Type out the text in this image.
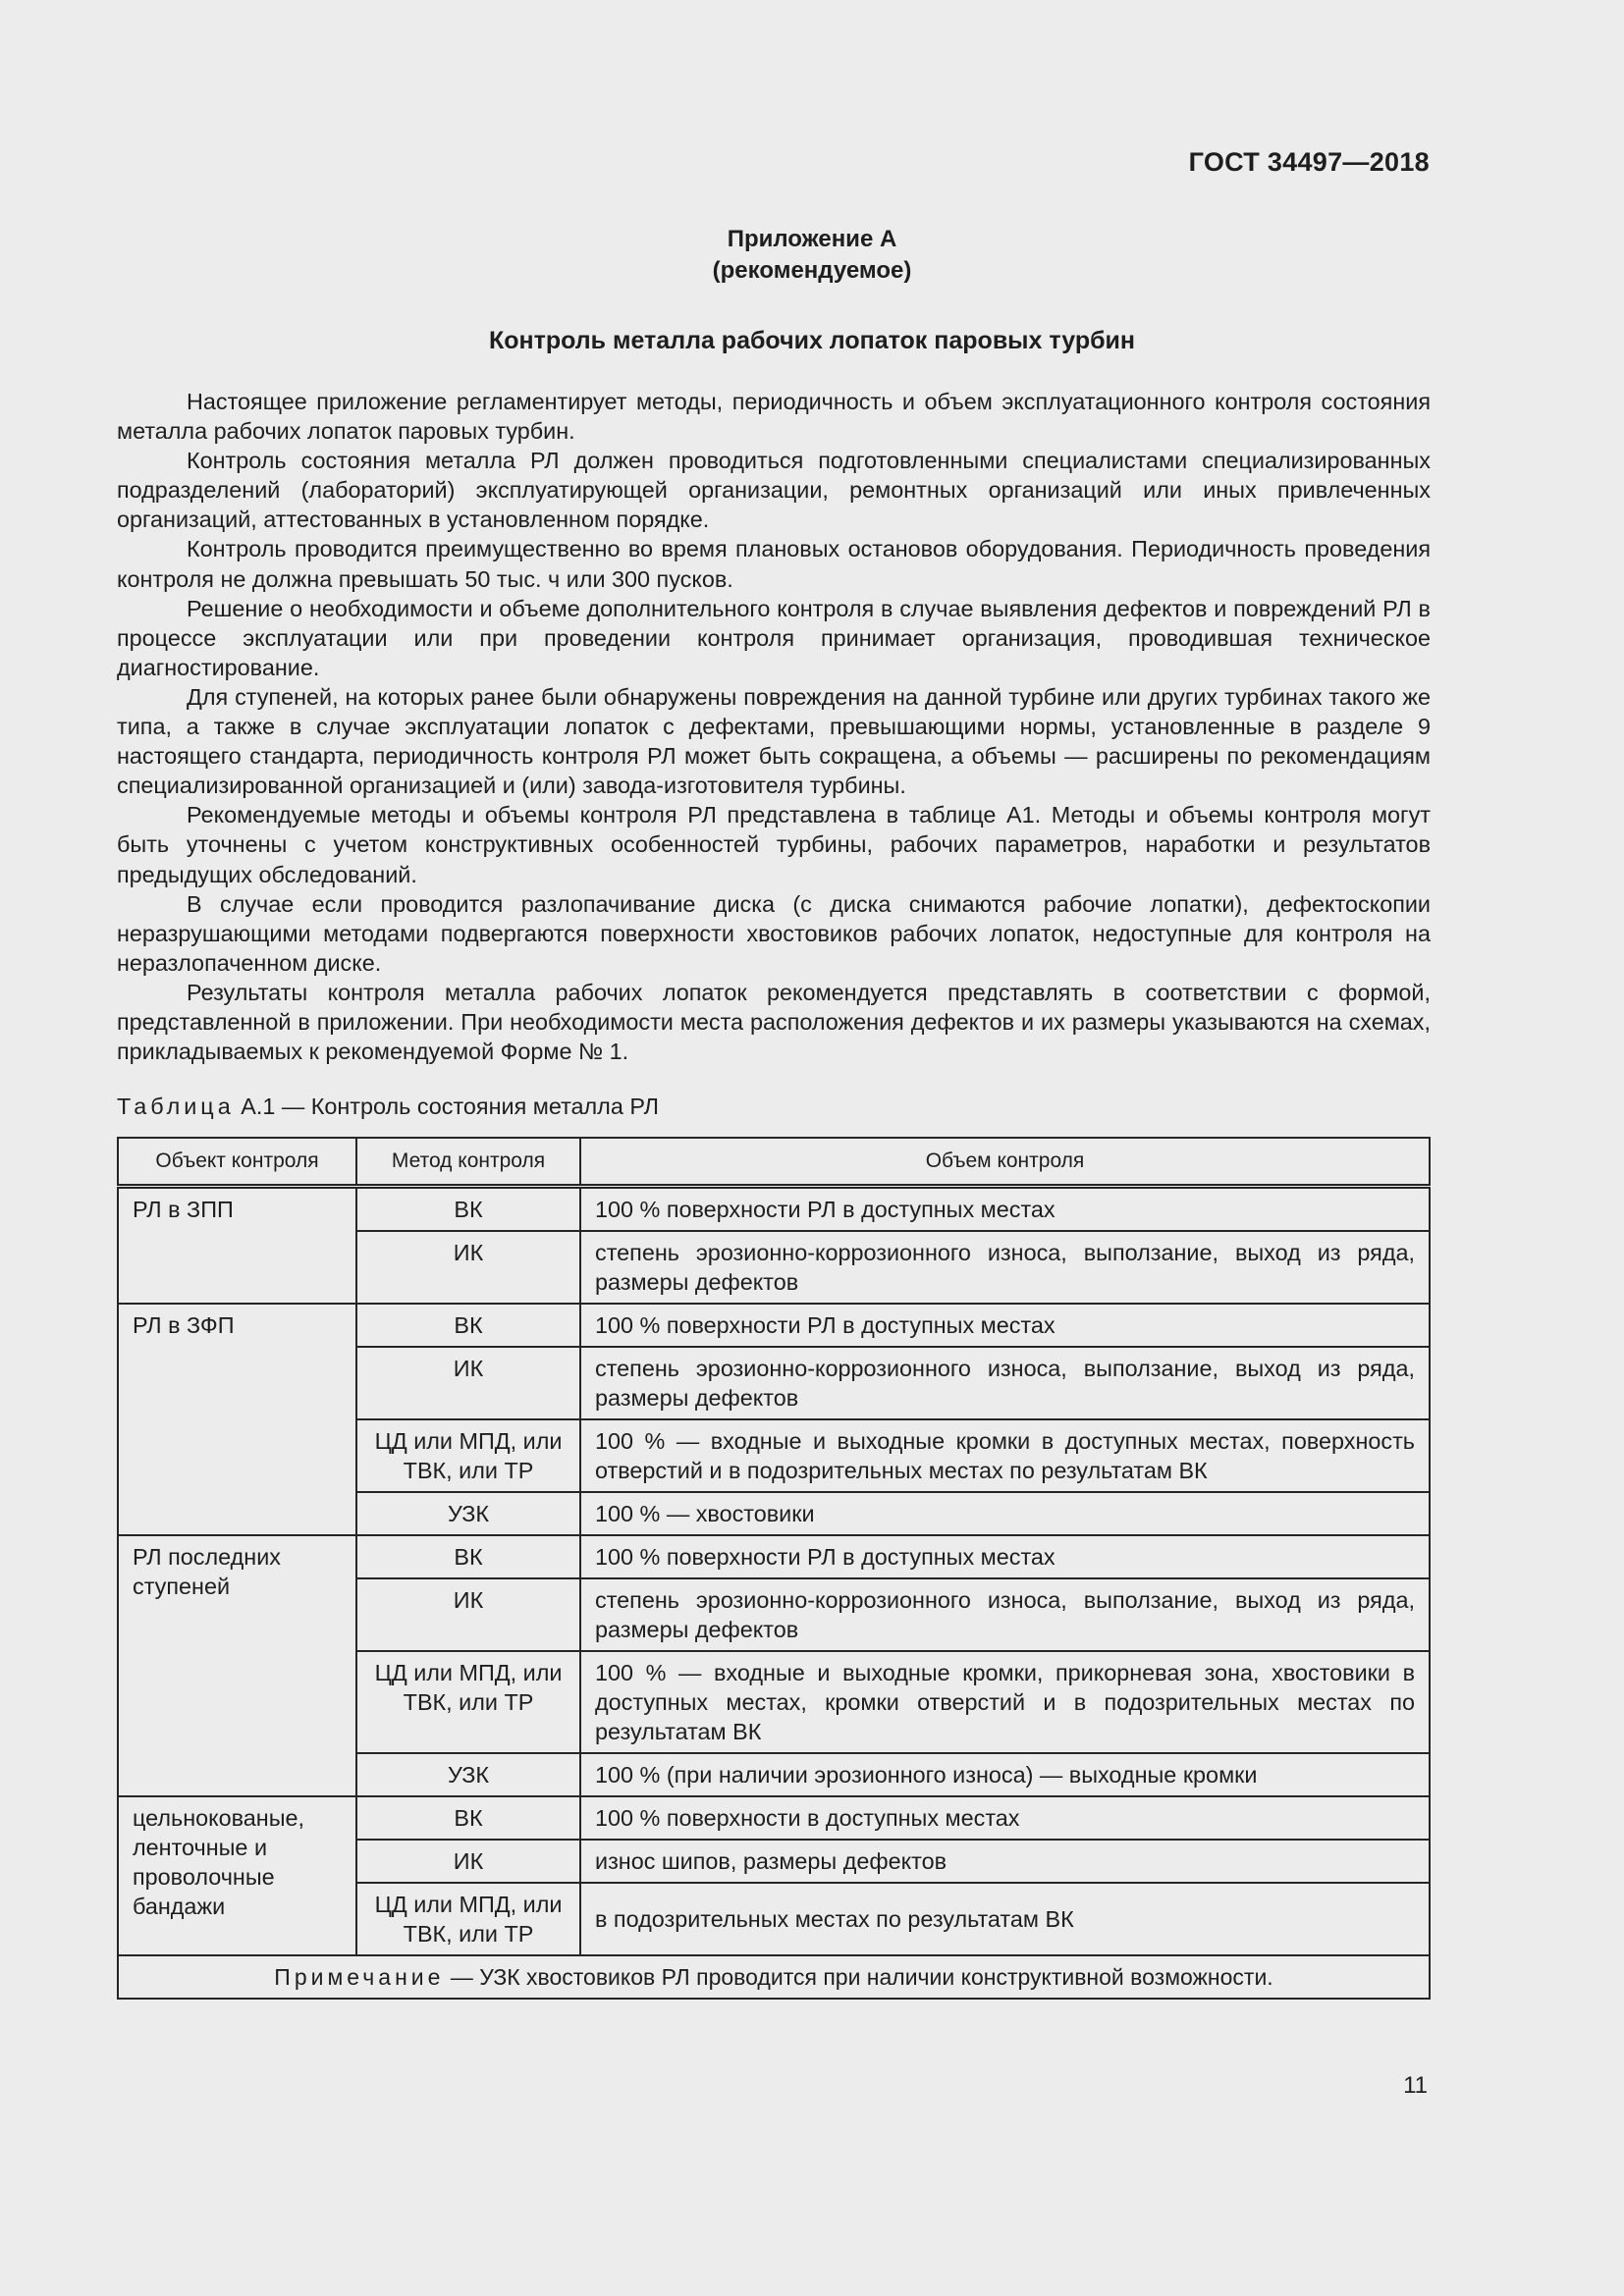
ГОСТ 34497—2018
Приложение А
(рекомендуемое)
Контроль металла рабочих лопаток паровых турбин

Настоящее приложение регламентирует методы, периодичность и объем эксплуатационного контроля состояния металла рабочих лопаток паровых турбин.

Контроль состояния металла РЛ должен проводиться подготовленными специалистами специализированных подразделений (лабораторий) эксплуатирующей организации, ремонтных организаций или иных привлеченных организаций, аттестованных в установленном порядке.

Контроль проводится преимущественно во время плановых остановов оборудования. Периодичность проведения контроля не должна превышать 50 тыс. ч или 300 пусков.

Решение о необходимости и объеме дополнительного контроля в случае выявления дефектов и повреждений РЛ в процессе эксплуатации или при проведении контроля принимает организация, проводившая техническое диагностирование.

Для ступеней, на которых ранее были обнаружены повреждения на данной турбине или других турбинах такого же типа, а также в случае эксплуатации лопаток с дефектами, превышающими нормы, установленные в разделе 9 настоящего стандарта, периодичность контроля РЛ может быть сокращена, а объемы — расширены по рекомендациям специализированной организацией и (или) завода-изготовителя турбины.

Рекомендуемые методы и объемы контроля РЛ представлена в таблице А1. Методы и объемы контроля могут быть уточнены с учетом конструктивных особенностей турбины, рабочих параметров, наработки и результатов предыдущих обследований.

В случае если проводится разлопачивание диска (с диска снимаются рабочие лопатки), дефектоскопии неразрушающими методами подвергаются поверхности хвостовиков рабочих лопаток, недоступные для контроля на неразлопаченном диске.

Результаты контроля металла рабочих лопаток рекомендуется представлять в соответствии с формой, представленной в приложении. При необходимости места расположения дефектов и их размеры указываются на схемах, прикладываемых к рекомендуемой Форме № 1.

Таблица А.1 — Контроль состояния металла РЛ
Объект контроля	Метод контроля	Объем контроля
РЛ в ЗПП	ВК	100 % поверхности РЛ в доступных местах
	ИК	степень эрозионно-коррозионного износа, выползание, выход из ряда, размеры дефектов
РЛ в ЗФП	ВК	100 % поверхности РЛ в доступных местах
	ИК	степень эрозионно-коррозионного износа, выползание, выход из ряда, размеры дефектов
	ЦД или МПД, или ТВК, или ТР	100 % — входные и выходные кромки в доступных местах, поверхность отверстий и в подозрительных местах по результатам ВК
	УЗК	100 % — хвостовики
РЛ последних ступеней	ВК	100 % поверхности РЛ в доступных местах
	ИК	степень эрозионно-коррозионного износа, выползание, выход из ряда, размеры дефектов
	ЦД или МПД, или ТВК, или ТР	100 % — входные и выходные кромки, прикорневая зона, хвостовики в доступных местах, кромки отверстий и в подозрительных местах по результатам ВК
	УЗК	100 % (при наличии эрозионного износа) — выходные кромки
цельнокованые, ленточные и проволочные бандажи	ВК	100 % поверхности в доступных местах
	ИК	износ шипов, размеры дефектов
	ЦД или МПД, или ТВК, или ТР	в подозрительных местах по результатам ВК
Примечание — УЗК хвостовиков РЛ проводится при наличии конструктивной возможности.		
11
